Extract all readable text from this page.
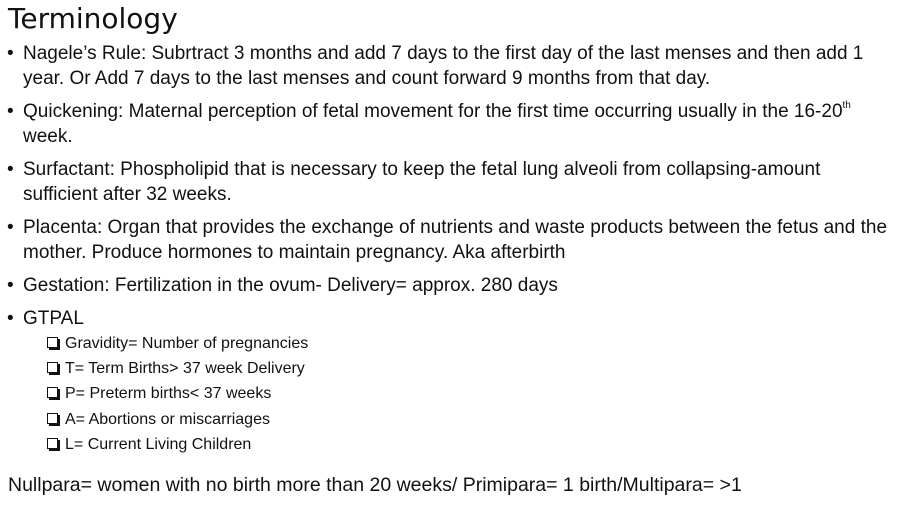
Terminology
• Nagele’s Rule: Subrtract 3 months and add 7 days to the first day of the last menses and then add 1 year. Or Add 7 days to the last menses and count forward 9 months from that day.
• Quickening: Maternal perception of fetal movement for the first time occurring usually in the 16-20th week.
• Surfactant: Phospholipid that is necessary to keep the fetal lung alveoli from collapsing-amount sufficient after 32 weeks.
• Placenta: Organ that provides the exchange of nutrients and waste products between the fetus and the mother. Produce hormones to maintain pregnancy. Aka afterbirth
• Gestation: Fertilization in the ovum- Delivery= approx. 280 days
• GTPAL
Gravidity= Number of pregnancies
T= Term Births> 37 week Delivery
P= Preterm births< 37 weeks
A= Abortions or miscarriages
L= Current Living Children
Nullpara= women with no birth more than 20 weeks/ Primipara= 1 birth/Multipara= >1
